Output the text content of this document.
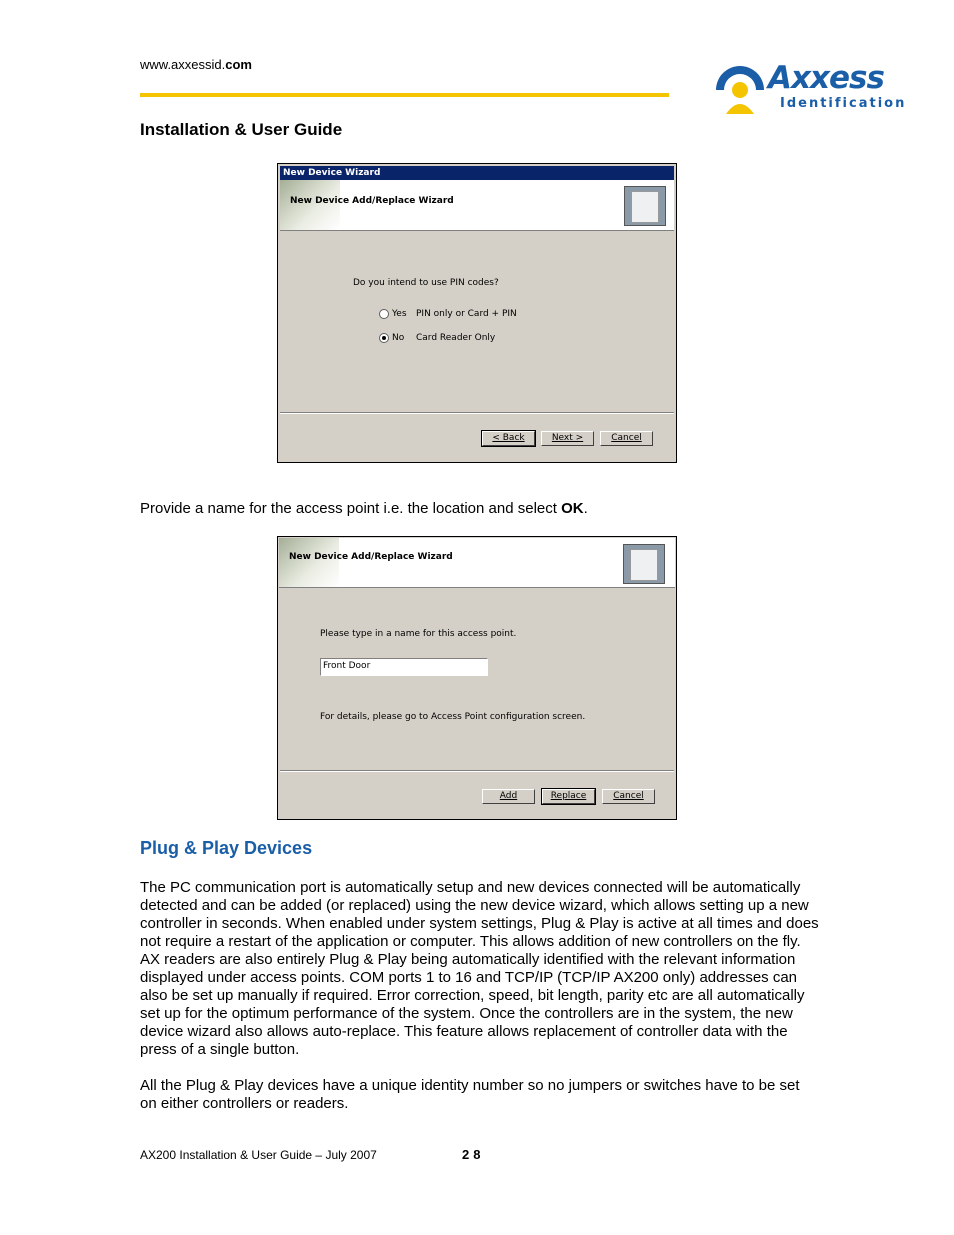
www.axxessid.com	Axxess
Identification
Installation & User Guide
New Device Wizard
New Device Add/Replace Wizard
Do you intend to use PIN codes?
Yes PIN only or Card + PIN
No Card Reader Only
< Back	Next >	Cancel
Provide a name for the access point i.e. the location and select OK.
New Device Add/Replace Wizard
Please type in a name for this access point.
Front Door
For details, please go to Access Point configuration screen.
Add	Replace	Cancel
Plug & Play Devices
The PC communication port is automatically setup and new devices connected will be automatically detected and can be added (or replaced) using the new device wizard, which allows setting up a new controller in seconds. When enabled under system settings, Plug & Play is active at all times and does not require a restart of the application or computer. This allows addition of new controllers on the fly. AX readers are also entirely Plug & Play being automatically identified with the relevant information displayed under access points. COM ports 1 to 16 and TCP/IP (TCP/IP AX200 only) addresses can also be set up manually if required. Error correction, speed, bit length, parity etc are all automatically set up for the optimum performance of the system. Once the controllers are in the system, the new device wizard also allows auto-replace. This feature allows replacement of controller data with the press of a single button.
All the Plug & Play devices have a unique identity number so no jumpers or switches have to be set on either controllers or readers.
AX200 Installation & User Guide – July 2007	28
